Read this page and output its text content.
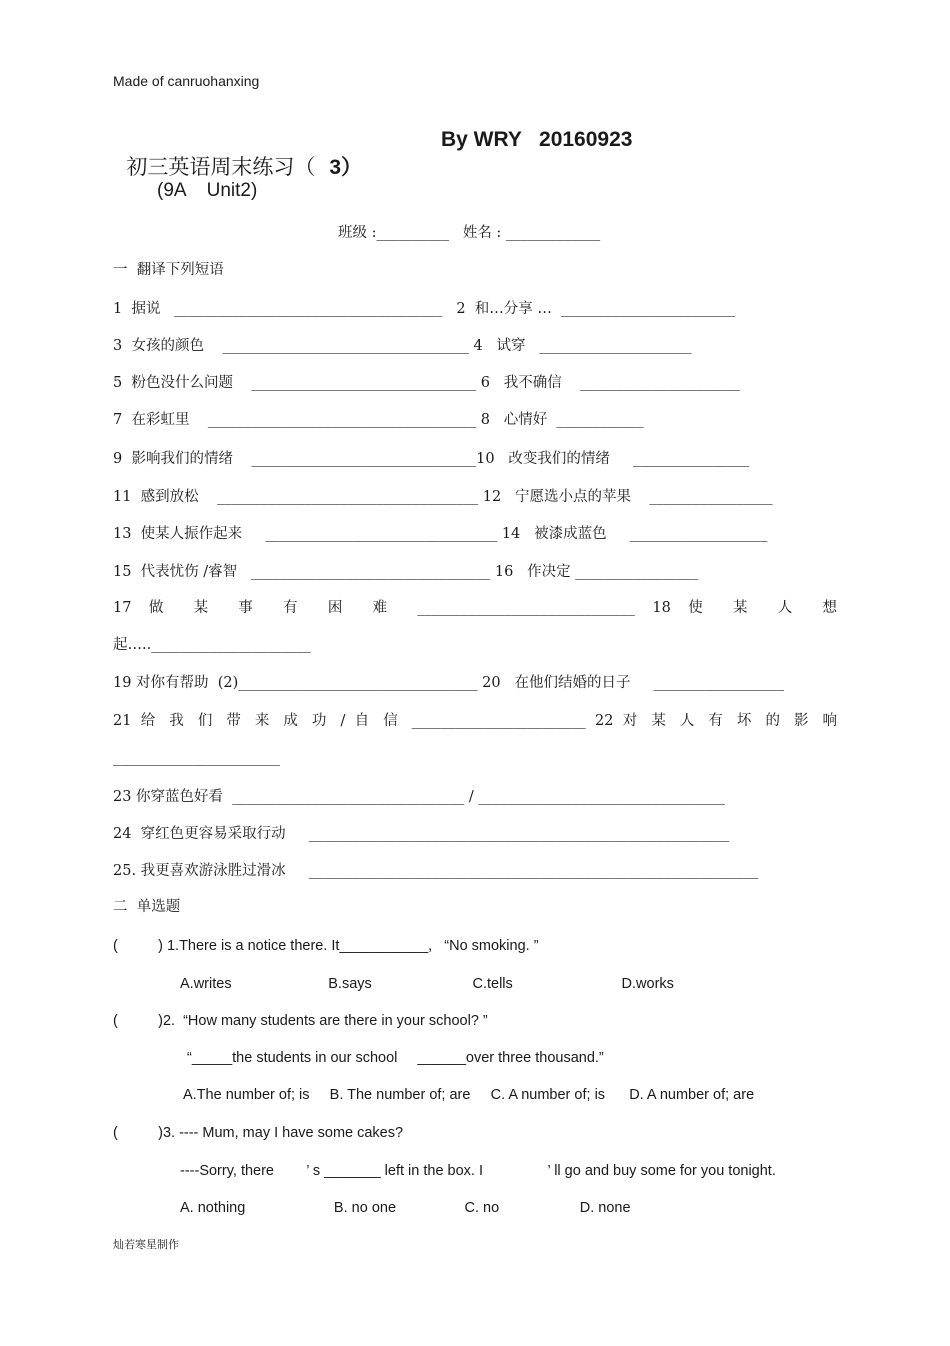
Made of canruohanxing

初三英语周末练习（ 3）
By WRY   20160923

(9A    Unit2)
班级 :__________   姓名 : _____________
一  翻译下列短语
1  据说   _____________________________________   2  和…分享 …  ________________________
3  女孩的颜色    __________________________________ 4   试穿   _____________________
5  粉色没什么问题    _______________________________ 6   我不确信    ______________________
7  在彩虹里    _____________________________________ 8   心情好  ____________
9  影响我们的情绪    _______________________________10   改变我们的情绪     ________________
11  感到放松    ____________________________________ 12   宁愿选小点的苹果    _________________
13  使某人振作起来     ________________________________ 14   被漆成蓝色     ___________________
15  代表忧伤 /睿智   _________________________________ 16   作决定 _________________
17 做 某 事 有 困 难 ______________________________ 18 使 某 人 想
起…..______________________
19 对你有帮助  (2)_________________________________ 20   在他们结婚的日子     __________________
21 给 我 们 带 来 成 功 / 自 信 ________________________ 22 对 某 人 有 坏 的 影 响
_______________________
23 你穿蓝色好看  ________________________________ / __________________________________
24  穿红色更容易采取行动     __________________________________________________________
25. 我更喜欢游泳胜过滑冰     ______________________________________________________________
二  单选题
(          ) 1.There is a notice there. It___________,   “No smoking. ”
A.writes                        B.says                         C.tells                           D.works
(          )2.  “How many students are there in your school? ”
“_____the students in our school     ______over three thousand.”
A.The number of; is     B. The number of; are     C. A number of; is      D. A number of; are
(          )3. ---- Mum, may I have some cakes?
----Sorry, there        ’ s _______ left in the box. I                ’ ll go and buy some for you tonight.
A. nothing                      B. no one                 C. no                    D. none
灿若寒星制作
